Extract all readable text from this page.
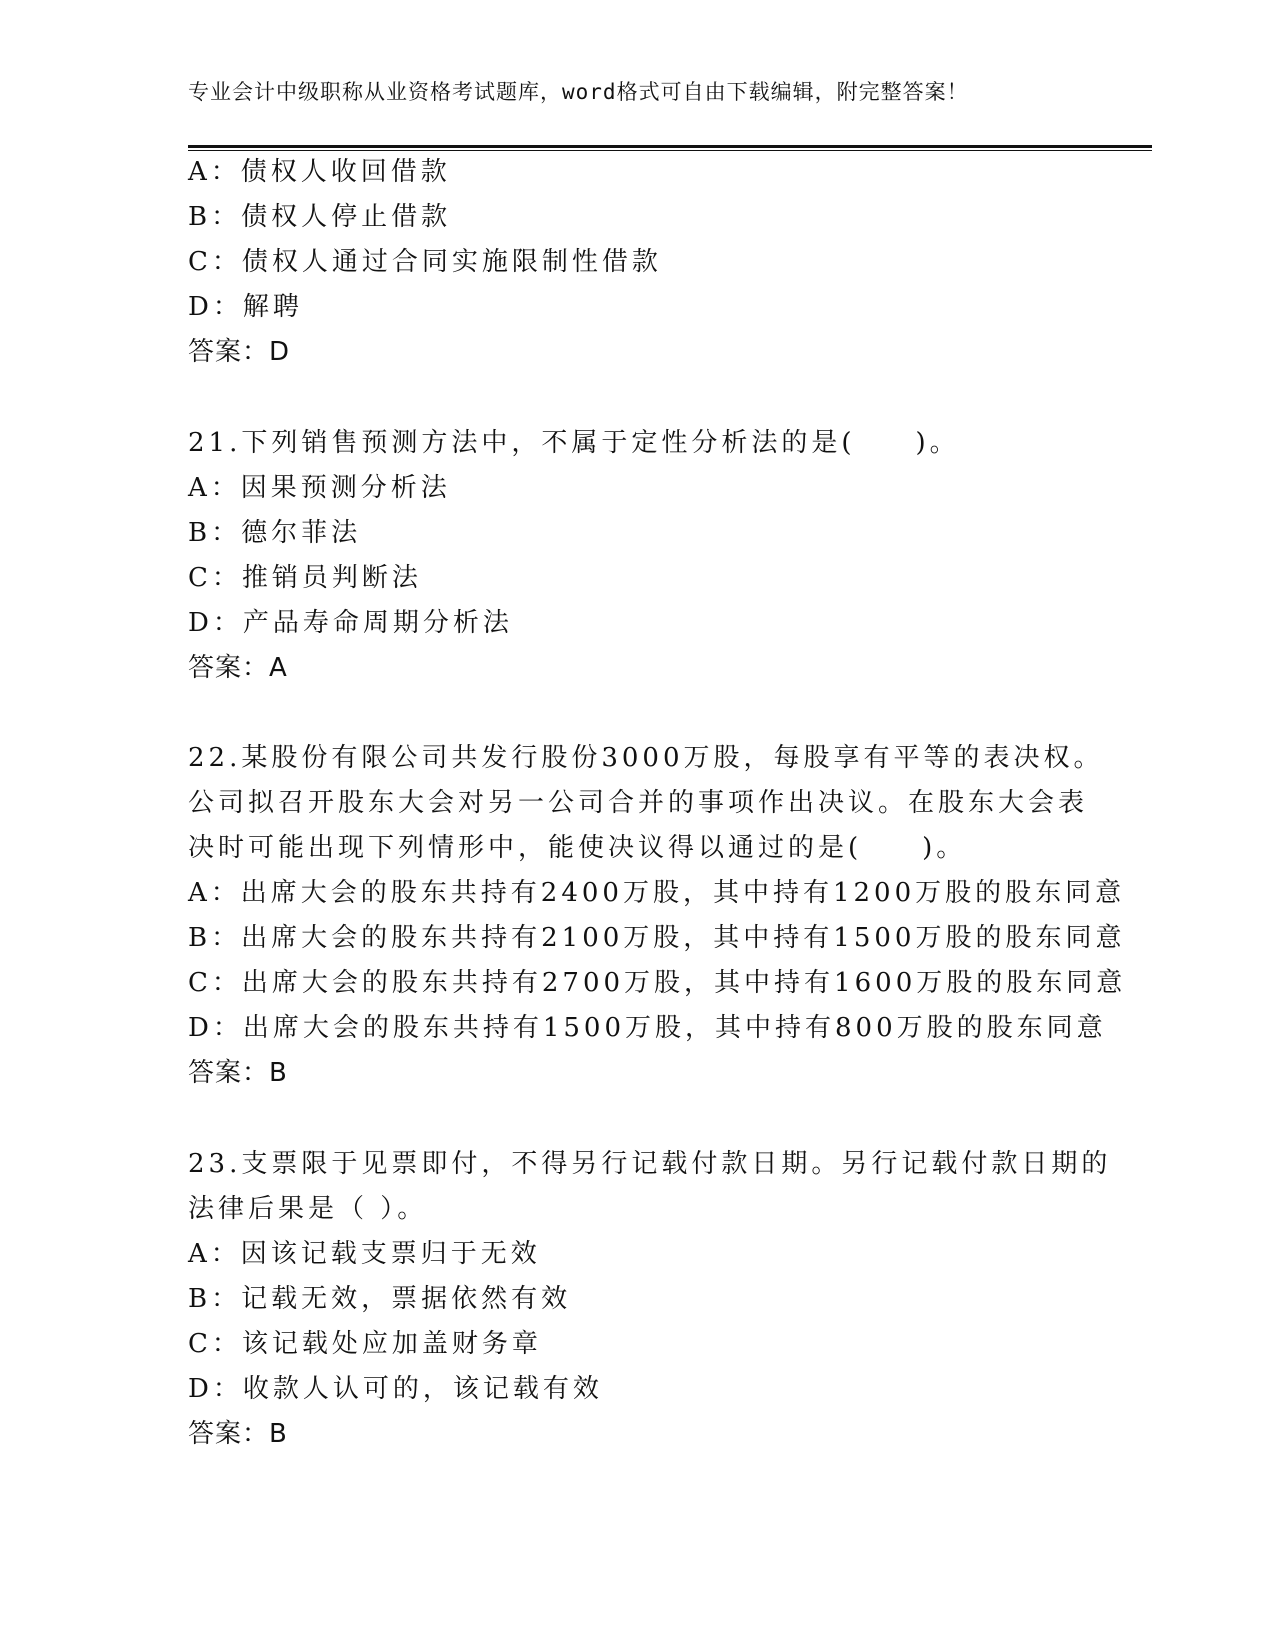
专业会计中级职称从业资格考试题库，word格式可自由下载编辑，附完整答案！
A：债权人收回借款
B：债权人停止借款
C：债权人通过合同实施限制性借款
D：解聘
答案：D
21.下列销售预测方法中，不属于定性分析法的是(　　)。
A：因果预测分析法
B：德尔菲法
C：推销员判断法
D：产品寿命周期分析法
答案：A
22.某股份有限公司共发行股份3000万股，每股享有平等的表决权。
公司拟召开股东大会对另一公司合并的事项作出决议。在股东大会表
决时可能出现下列情形中，能使决议得以通过的是(　　)。
A：出席大会的股东共持有2400万股，其中持有1200万股的股东同意
B：出席大会的股东共持有2100万股，其中持有1500万股的股东同意
C：出席大会的股东共持有2700万股，其中持有1600万股的股东同意
D：出席大会的股东共持有1500万股，其中持有800万股的股东同意
答案：B
23.支票限于见票即付，不得另行记载付款日期。另行记载付款日期的
法律后果是（ ）。
A：因该记载支票归于无效
B：记载无效，票据依然有效
C：该记载处应加盖财务章
D：收款人认可的，该记载有效
答案：B
